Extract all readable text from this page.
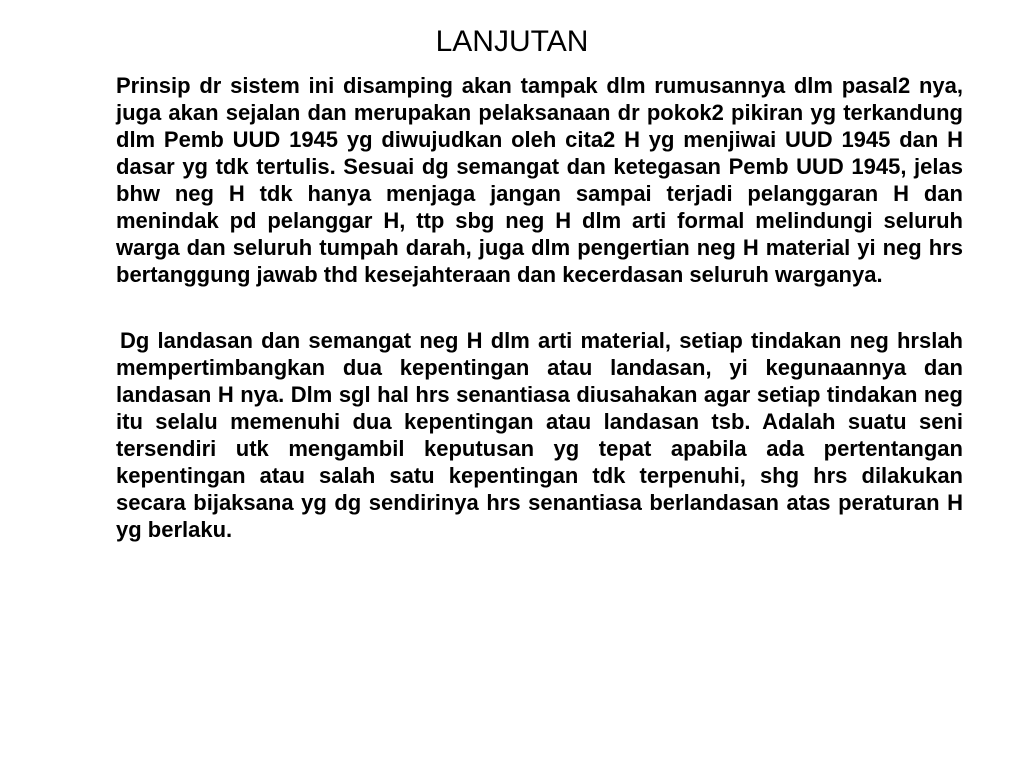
LANJUTAN

Prinsip dr sistem ini disamping akan tampak dlm rumusannya dlm pasal2 nya, juga akan sejalan dan merupakan pelaksanaan dr pokok2 pikiran yg terkandung dlm Pemb UUD 1945 yg diwujudkan oleh cita2 H yg menjiwai UUD 1945 dan H dasar yg tdk tertulis. Sesuai dg semangat dan ketegasan Pemb UUD 1945, jelas bhw neg H tdk hanya menjaga jangan sampai terjadi pelanggaran H dan menindak pd pelanggar H, ttp sbg neg H dlm arti formal melindungi seluruh warga dan seluruh tumpah darah, juga dlm pengertian neg H material yi neg hrs bertanggung jawab thd kesejahteraan dan kecerdasan seluruh warganya.

Dg landasan dan semangat neg H dlm arti material, setiap tindakan neg hrslah mempertimbangkan dua kepentingan atau landasan, yi kegunaannya dan landasan H nya. Dlm sgl hal hrs senantiasa diusahakan agar setiap tindakan neg itu selalu memenuhi dua kepentingan atau landasan tsb. Adalah suatu seni tersendiri utk mengambil keputusan yg tepat apabila ada pertentangan kepentingan atau salah satu kepentingan tdk terpenuhi, shg hrs dilakukan secara bijaksana yg dg sendirinya hrs senantiasa berlandasan atas peraturan H yg berlaku.
